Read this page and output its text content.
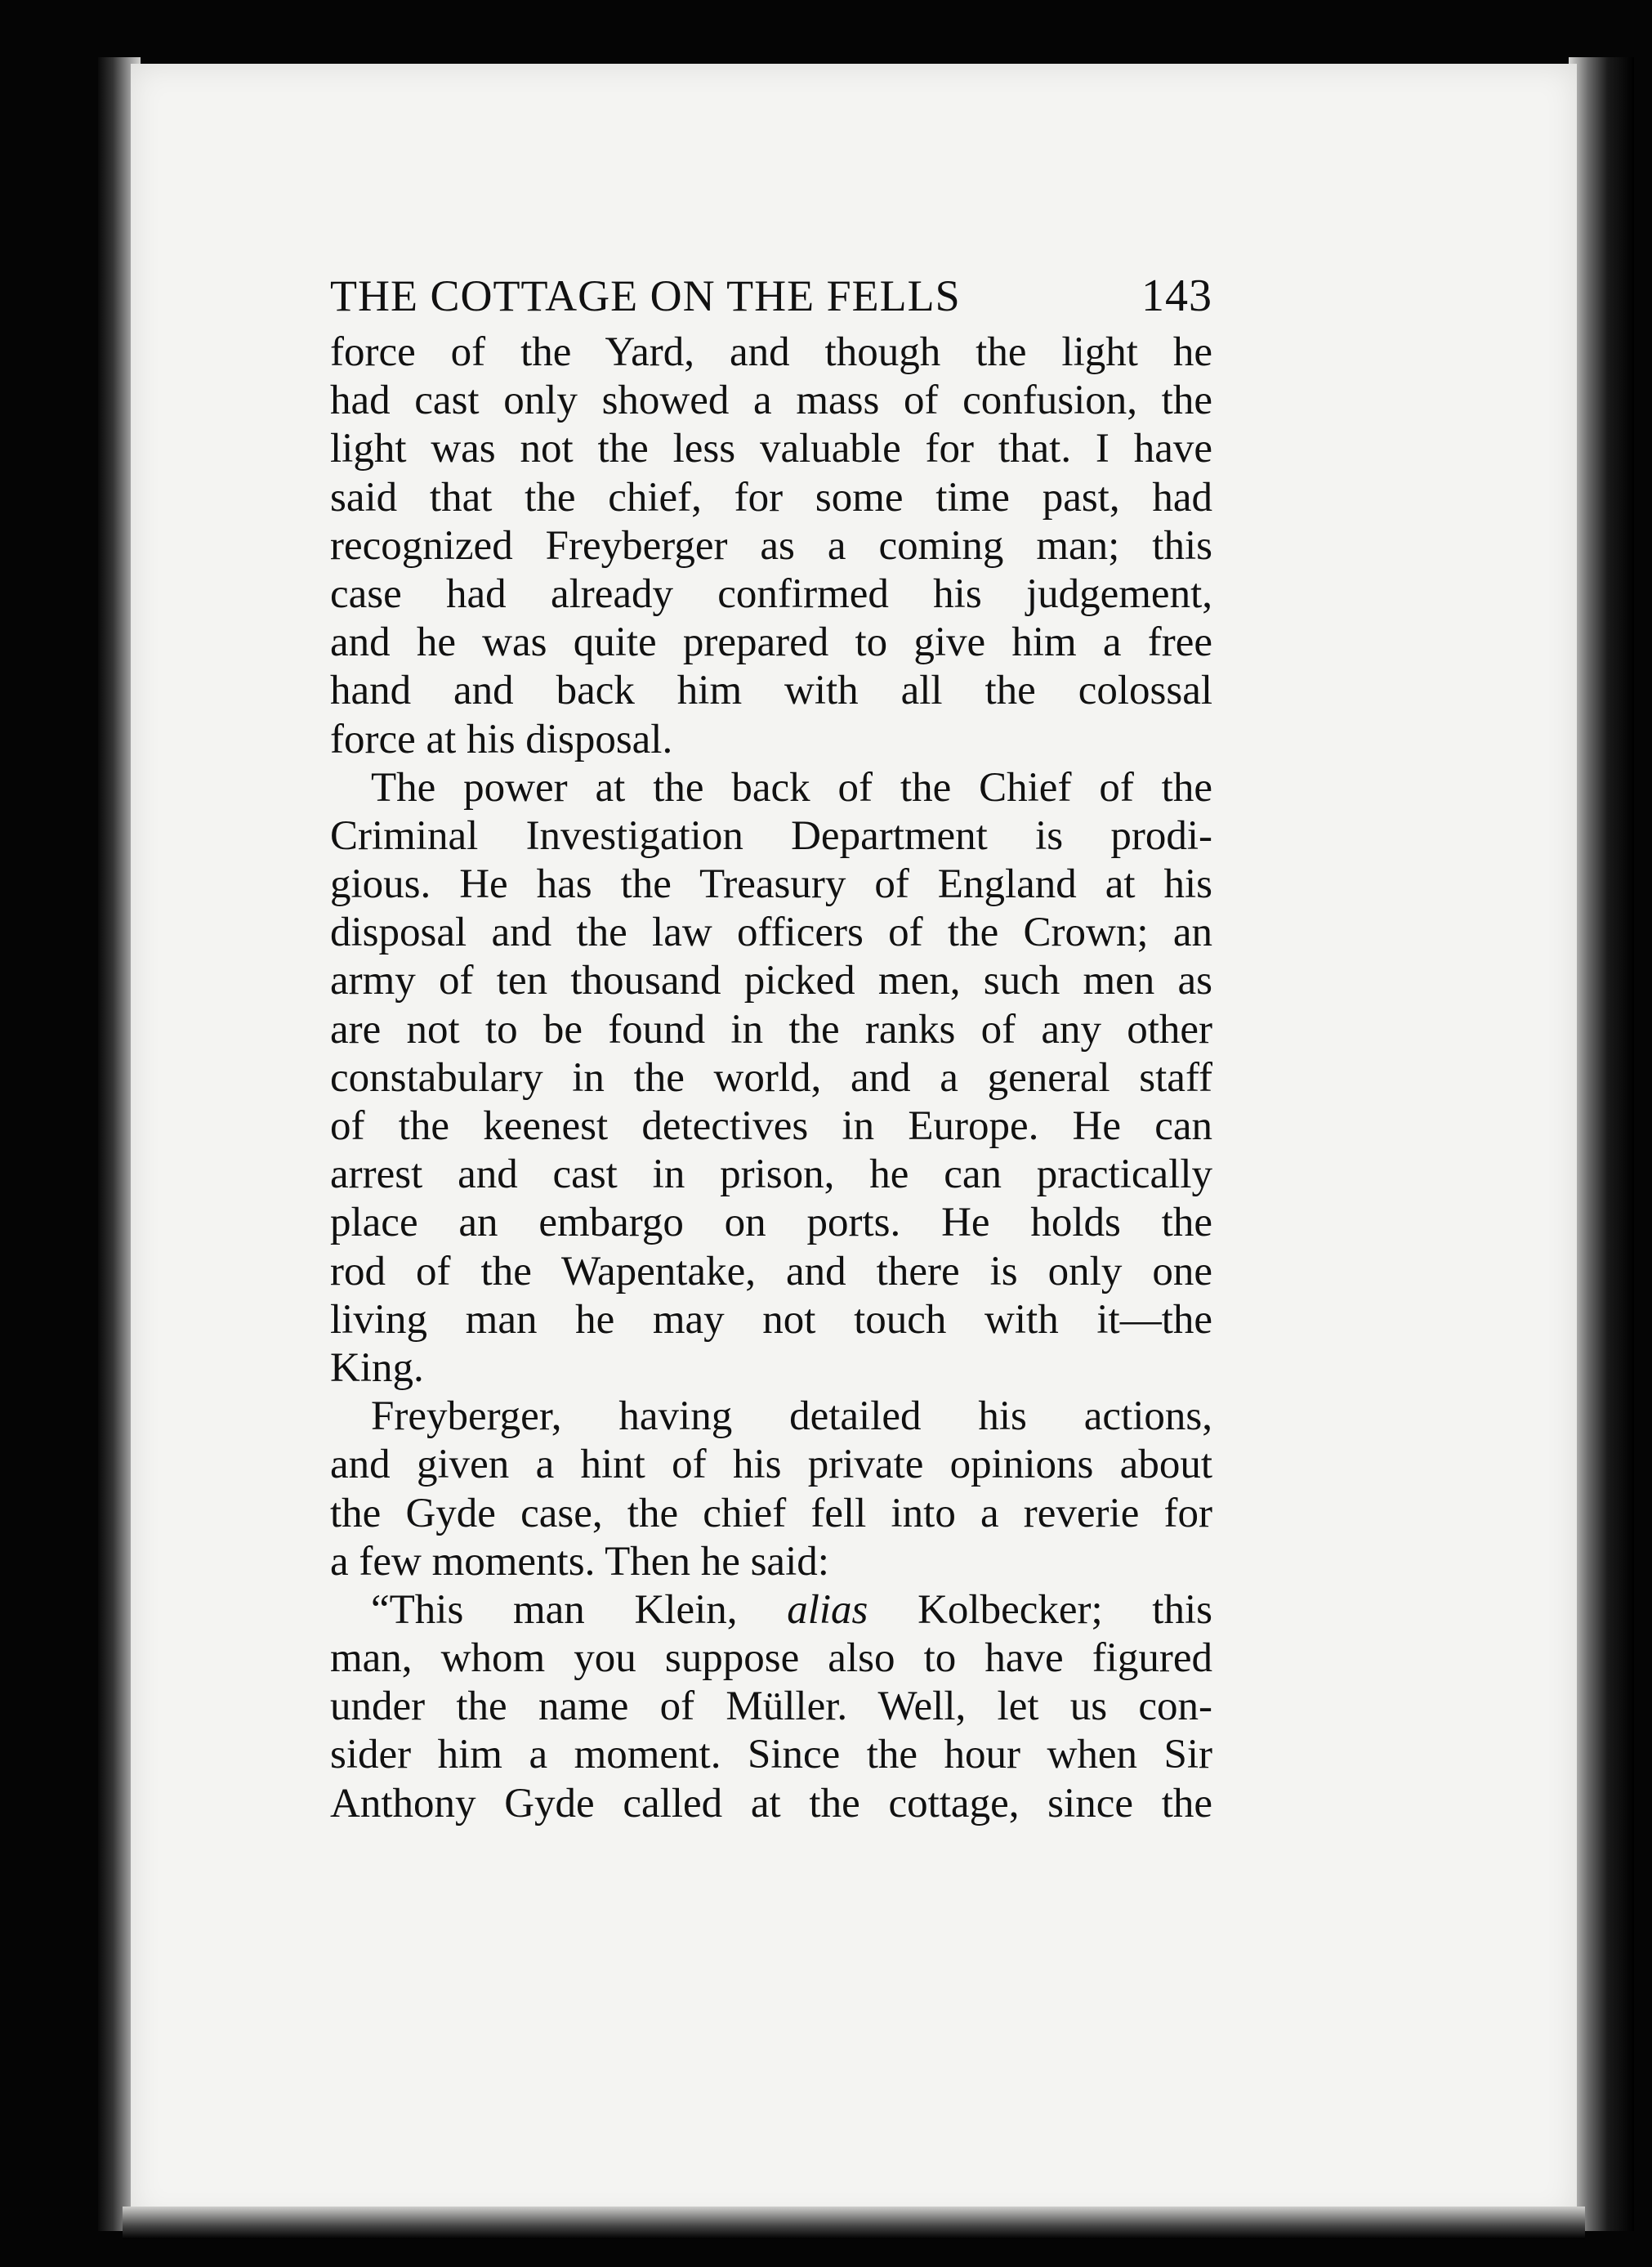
THE COTTAGE ON THE FELLS	143
force of the Yard, and though the light he
had cast only showed a mass of confusion, the
light was not the less valuable for that. I have
said that the chief, for some time past, had
recognized Freyberger as a coming man; this
case had already confirmed his judgement,
and he was quite prepared to give him a free
hand and back him with all the colossal
force at his disposal.
The power at the back of the Chief of the
Criminal Investigation Department is prodi-
gious. He has the Treasury of England at his
disposal and the law officers of the Crown; an
army of ten thousand picked men, such men as
are not to be found in the ranks of any other
constabulary in the world, and a general staff
of the keenest detectives in Europe. He can
arrest and cast in prison, he can practically
place an embargo on ports. He holds the
rod of the Wapentake, and there is only one
living man he may not touch with it—the
King.
Freyberger, having detailed his actions,
and given a hint of his private opinions about
the Gyde case, the chief fell into a reverie for
a few moments. Then he said:
“This man Klein, alias Kolbecker; this
man, whom you suppose also to have figured
under the name of Müller. Well, let us con-
sider him a moment. Since the hour when Sir
Anthony Gyde called at the cottage, since the
